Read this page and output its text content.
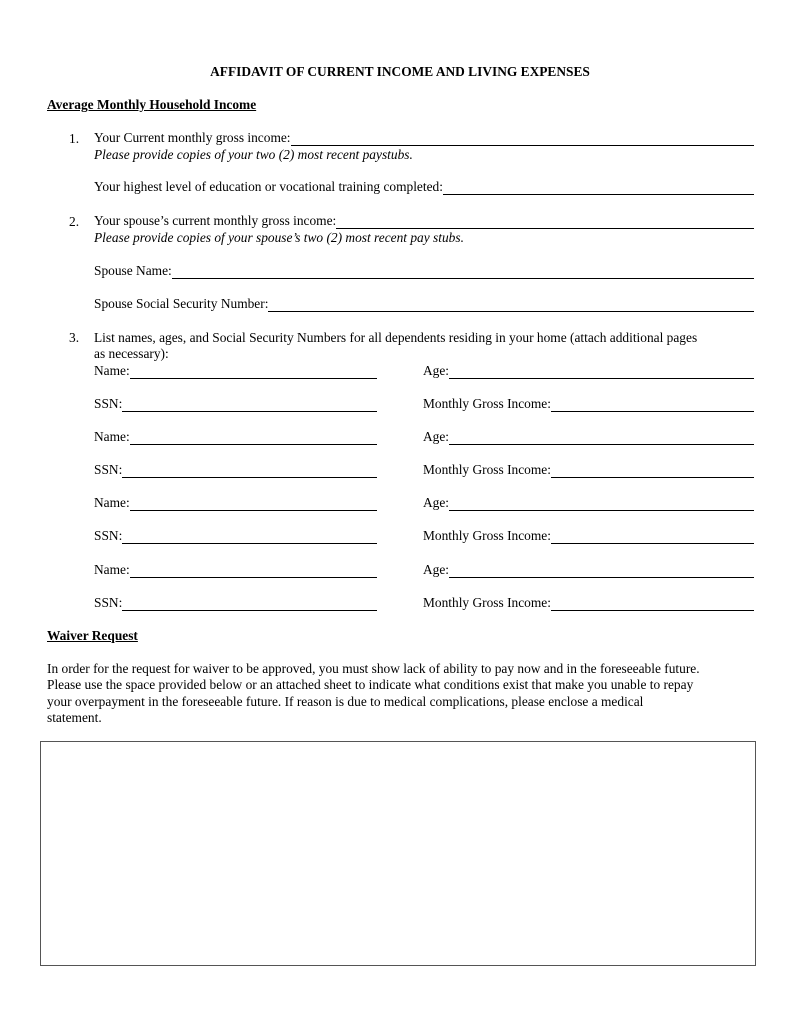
AFFIDAVIT OF CURRENT INCOME AND LIVING EXPENSES
Average Monthly Household Income
1. Your Current monthly gross income:
Please provide copies of your two (2) most recent paystubs.
Your highest level of education or vocational training completed:
2. Your spouse’s current monthly gross income:
Please provide copies of your spouse’s two (2) most recent pay stubs.
Spouse Name:
Spouse Social Security Number:
3. List names, ages, and Social Security Numbers for all dependents residing in your home (attach additional pages
as necessary):
Name:	Age:
SSN:	Monthly Gross Income:
Name:	Age:
SSN:	Monthly Gross Income:
Name:	Age:
SSN:	Monthly Gross Income:
Name:	Age:
SSN:	Monthly Gross Income:
Waiver Request
In order for the request for waiver to be approved, you must show lack of ability to pay now and in the foreseeable future.
Please use the space provided below or an attached sheet to indicate what conditions exist that make you unable to repay
your overpayment in the foreseeable future. If reason is due to medical complications, please enclose a medical
statement.
